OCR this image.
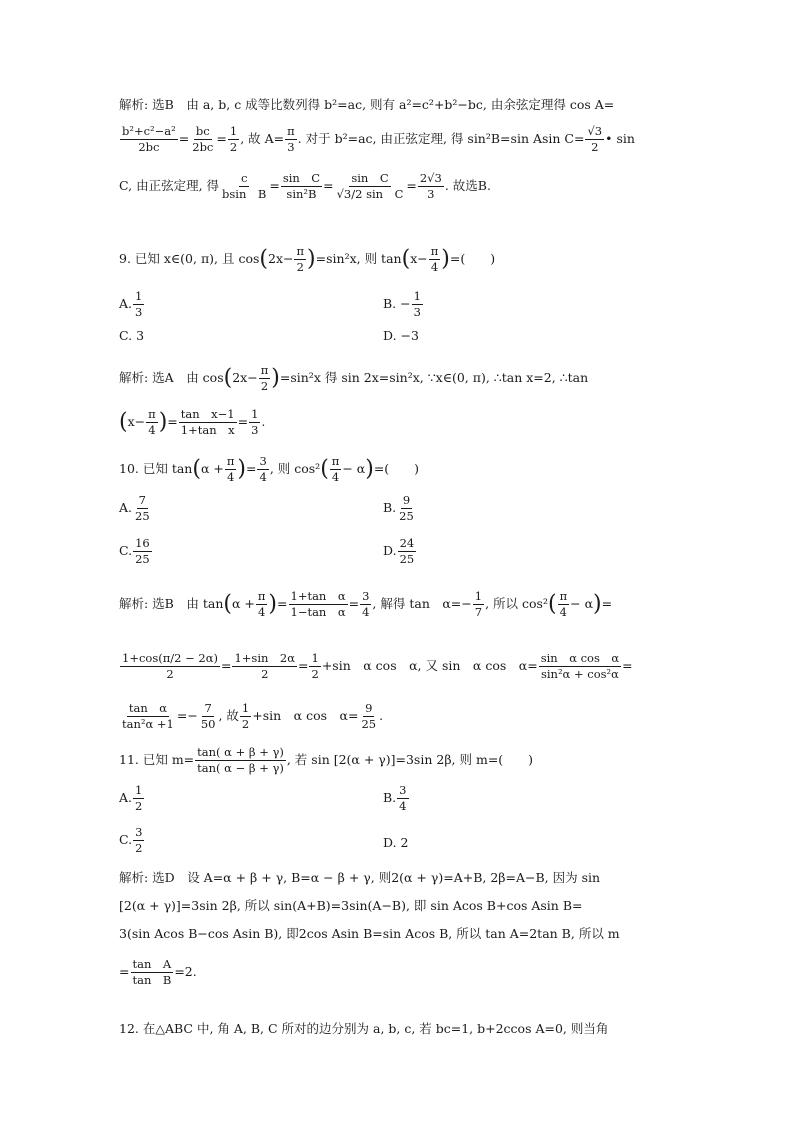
解析: 选B　由 a, b, c 成等比数列得 b²=ac, 则有 a²=c²+b²−bc, 由余弦定理得 cos A=
$\frac{\text{b²+c²−a²}}{2bc} = \frac{bc}{2bc} = \frac{1}{2}$ , 故 $A= \frac{\pi}{3}$ . 对于 b²=ac, 由正弦定理, 得 sin²B=sin Asin $C= \frac{√3}{2}$ • sin
C, 由正弦定理, 得 $\frac{c}{\text{bsin　B}} = \frac{\text{sin　C}}{\text{sin²B}} = \frac{\text{sin　C}}{\text{√3/2 sin　C}} = \frac{2√3}{3}$ . 故选B.
9. 已知 x∈(0, π), 且 $\cos(2x- \frac{\pi}{2} )=\sin^2x$, 则 $\tan(x- \frac{\pi}{4}$ )=(　　)
A. $\frac{1}{3}$	B. − $\frac{1}{3}$
C. 3	D. −3
解析: 选A　由 $\cos(2x- \frac{\pi}{2} )=\sin^2x$ 得 sin 2x=sin²x, ∵x∈(0, π), ∴tan x=2, ∴tan
($x- \frac{\pi}{4}$ )= $\frac{\text{tan　x−1}}{\text{1+tan　x}} = \frac{1}{3}$ .
10. 已知 $\tan(\alpha + \frac{\pi}{4}$ )= $\frac{3}{4}$ , 则 $\cos^2( \frac{\pi}{4} - \alpha)=$(　　)
A. $\frac{7}{25}$	B. $\frac{9}{25}$
C. $\frac{16}{25}$	D. $\frac{24}{25}$
解析: 选B　由 $\tan(\alpha + \frac{\pi}{4}$ )= $\frac{\text{1+tan　α}}{\text{1−tan　α}} = \frac{3}{4}$ , 解得 tan　$\alpha=- \frac{1}{7}$ , 所以 $\cos^2( \frac{\pi}{4} - \alpha)=$
$\frac{1+\cos(\pi/2 - 2\alpha)}{2} = \frac{1+\sin 2\alpha}{2} = \frac{1}{2} +\sin$　α cos　α, 又 sin　α cos　$\alpha= \frac{\text{sin　α cos　α}}{\text{sin²α + cos²α}}$ =
$\frac{\text{tan　α}}{\text{tan²α +1}} =- \frac{7}{50}$ , 故 $\frac{1}{2} +\sin$　α cos　$\alpha= \frac{9}{25}$ .
11. 已知 $m= \frac{\tan( \alpha + \beta + \gamma)}{\tan( \alpha - \beta + \gamma)}$ , 若 sin [2(α + γ)]=3sin 2β, 则 m=(　　)
A. $\frac{1}{2}$	B. $\frac{3}{4}$
C. $\frac{3}{2}$	D. 2
解析: 选D　设 A=α + β + γ, B=α − β + γ, 则2(α + γ)=A+B, 2β=A−B, 因为 sin
[2(α + γ)]=3sin 2β, 所以 sin(A+B)=3sin(A−B), 即 sin Acos B+cos Asin B=
3(sin Acos B−cos Asin B), 即2cos Asin B=sin Acos B, 所以 tan A=2tan B, 所以 m
= $\frac{\text{tan　A}}{\text{tan　B}} =2$.
12. 在△ABC 中, 角 A, B, C 所对的边分别为 a, b, c, 若 bc=1, b+2ccos A=0, 则当角
